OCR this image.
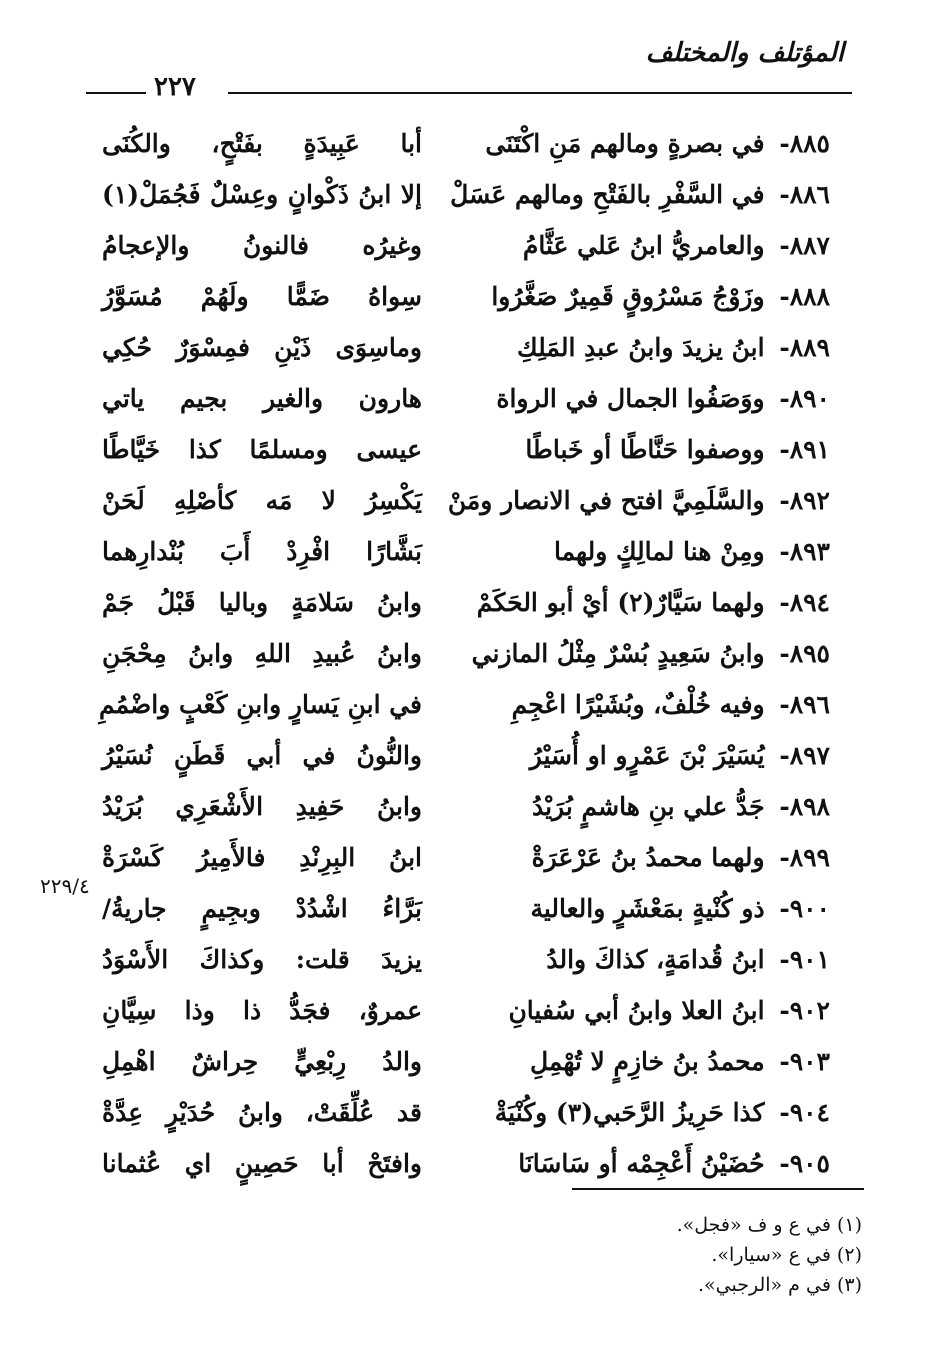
المؤتلف والمختلف
٢٢٧
٨٨٥- في بصرةٍ ومالهم مَنِ اكْتَنَى
أبا عَبِيدَةٍ بفَتْحٍ، والكُنَى
٨٨٦- في السَّفْرِ بالفَتْحِ ومالهم عَسَلْ
إلا ابنُ ذَكْوانٍ وعِسْلٌ فَجُمَلْ(١)
٨٨٧- والعامريُّ ابنُ عَلي عَثَّامُ
وغيرُه فالنونُ والإعجامُ
٨٨٨- وزَوْجُ مَسْرُوقٍ قَمِيرٌ صَغَّرُوا
سِواهُ ضَمًّا ولَهُمْ مُسَوَّرُ
٨٨٩- ابنُ يزيدَ وابنُ عبدِ المَلِكِ
وماسِوَى ذَيْنِ فمِسْوَرٌ حُكِي
٨٩٠- ووَصَفُوا الجمال في الرواة
هارون والغير بجيم ياتي
٨٩١- ووصفوا حَنَّاطًا أو خَباطًا
عيسى ومسلمًا كذا خَيَّاطًا
٨٩٢- والسَّلَمِيَّ افتح في الانصار ومَنْ
يَكْسِرُ لا مَه كأصْلِهِ لَحَنْ
٨٩٣- ومِنْ هنا لمالِكٍ ولهما
بَشَّارًا افْرِدْ أَبَ بُنْدارِهما
٨٩٤- ولهما سَيَّارٌ(٢) أيْ أبو الحَكَمْ
وابنُ سَلامَةٍ وباليا قَبْلُ جَمْ
٨٩٥- وابنُ سَعِيدٍ بُسْرٌ مِثْلُ المازني
وابنُ عُبيدِ اللهِ وابنُ مِحْجَنِ
٨٩٦- وفيه خُلْفٌ، وبُشَيْرًا اعْجِمِ
في ابنِ يَسارٍ وابنِ كَعْبٍ واضْمُمِ
٨٩٧- يُسَيْرَ بْنَ عَمْرٍو او أُسَيْرُ
والنُّونُ في أبي قَطَنٍ نُسَيْرُ
٨٩٨- جَدُّ علي بنِ هاشمٍ بُرَيْدُ
وابنُ حَفِيدِ الأَشْعَرِي بُرَيْدُ
٨٩٩- ولهما محمدُ بنُ عَرْعَرَةْ
ابنُ البِرِنْدِ فالأَمِيرُ كَسْرَةْ
٩٠٠- ذو كُنْيةٍ بمَعْشَرٍ والعالية
بَرَّاءُ اشْدُدْ وبجِيمٍ جاريةُ/
٩٠١- ابنُ قُدامَةٍ، كذاكَ والدُ
يزيدَ قلت: وكذاكَ الأَسْوَدُ
٩٠٢- ابنُ العلا وابنُ أبي سُفيانِ
عمروٌ، فجَدُّ ذا وذا سِيَّانِ
٩٠٣- محمدُ بنُ خازِمٍ لا تُهْمِلِ
والدُ رِبْعِيٍّ حِراشٌ اهْمِلِ
٩٠٤- كذا حَرِيزُ الرَّحَبي(٣) وكُنْيَةْ
قد عُلِّقَتْ، وابنُ حُدَيْرٍ عِدَّةْ
٩٠٥- حُضَيْنُ أَعْجِمْه أو سَاسَانَا
وافتَحْ أبا حَصِينٍ اي عُثمانا
٢٢٩/٤
(١) في ع و ف «فجل».
(٢) في ع «سيارا».
(٣) في م «الرجبي».
